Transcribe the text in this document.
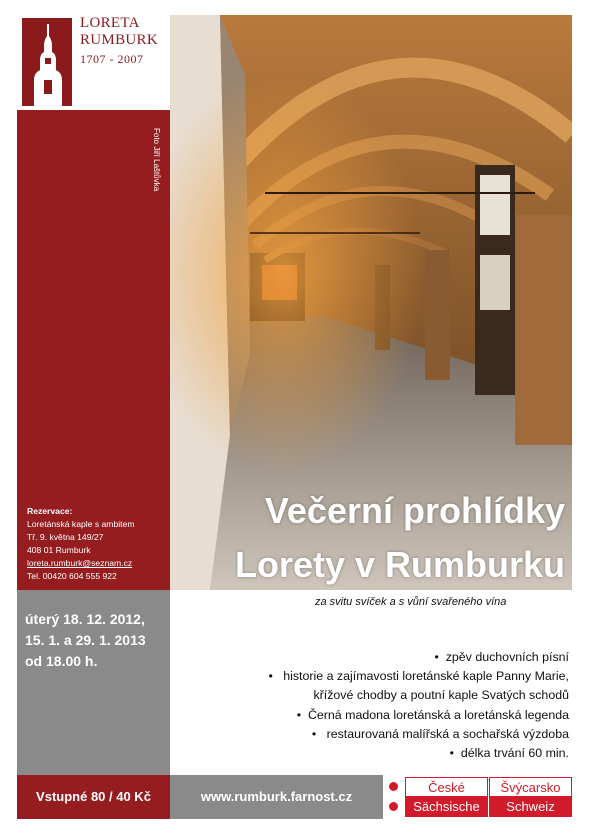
LORETA
RUMBURK
1707 - 2007
Foto Jiří Laštůvka
Rezervace:
Loretánská kaple s ambitem
Tř. 9. května 149/27
408 01 Rumburk
loreta.rumburk@seznam.cz
Tel. 00420 604 555 922
Večerní prohlídky
Lorety v Rumburku
úterý 18. 12. 2012,
15. 1. a 29. 1. 2013
od 18.00 h.
za svitu svíček a s vůní svařeného vína
•  zpěv duchovních písní
•   historie a zajímavosti loretánské kaple Panny Marie,
křížové chodby a poutní kaple Svatých schodů
•  Černá madona loretánská a loretánská legenda
•   restaurovaná malířská a sochařská výzdoba
•  délka trvání 60 min.
Vstupné 80 / 40 Kč	www.rumburk.farnost.cz
České	Švýcarsko
Sächsische	Schweiz
